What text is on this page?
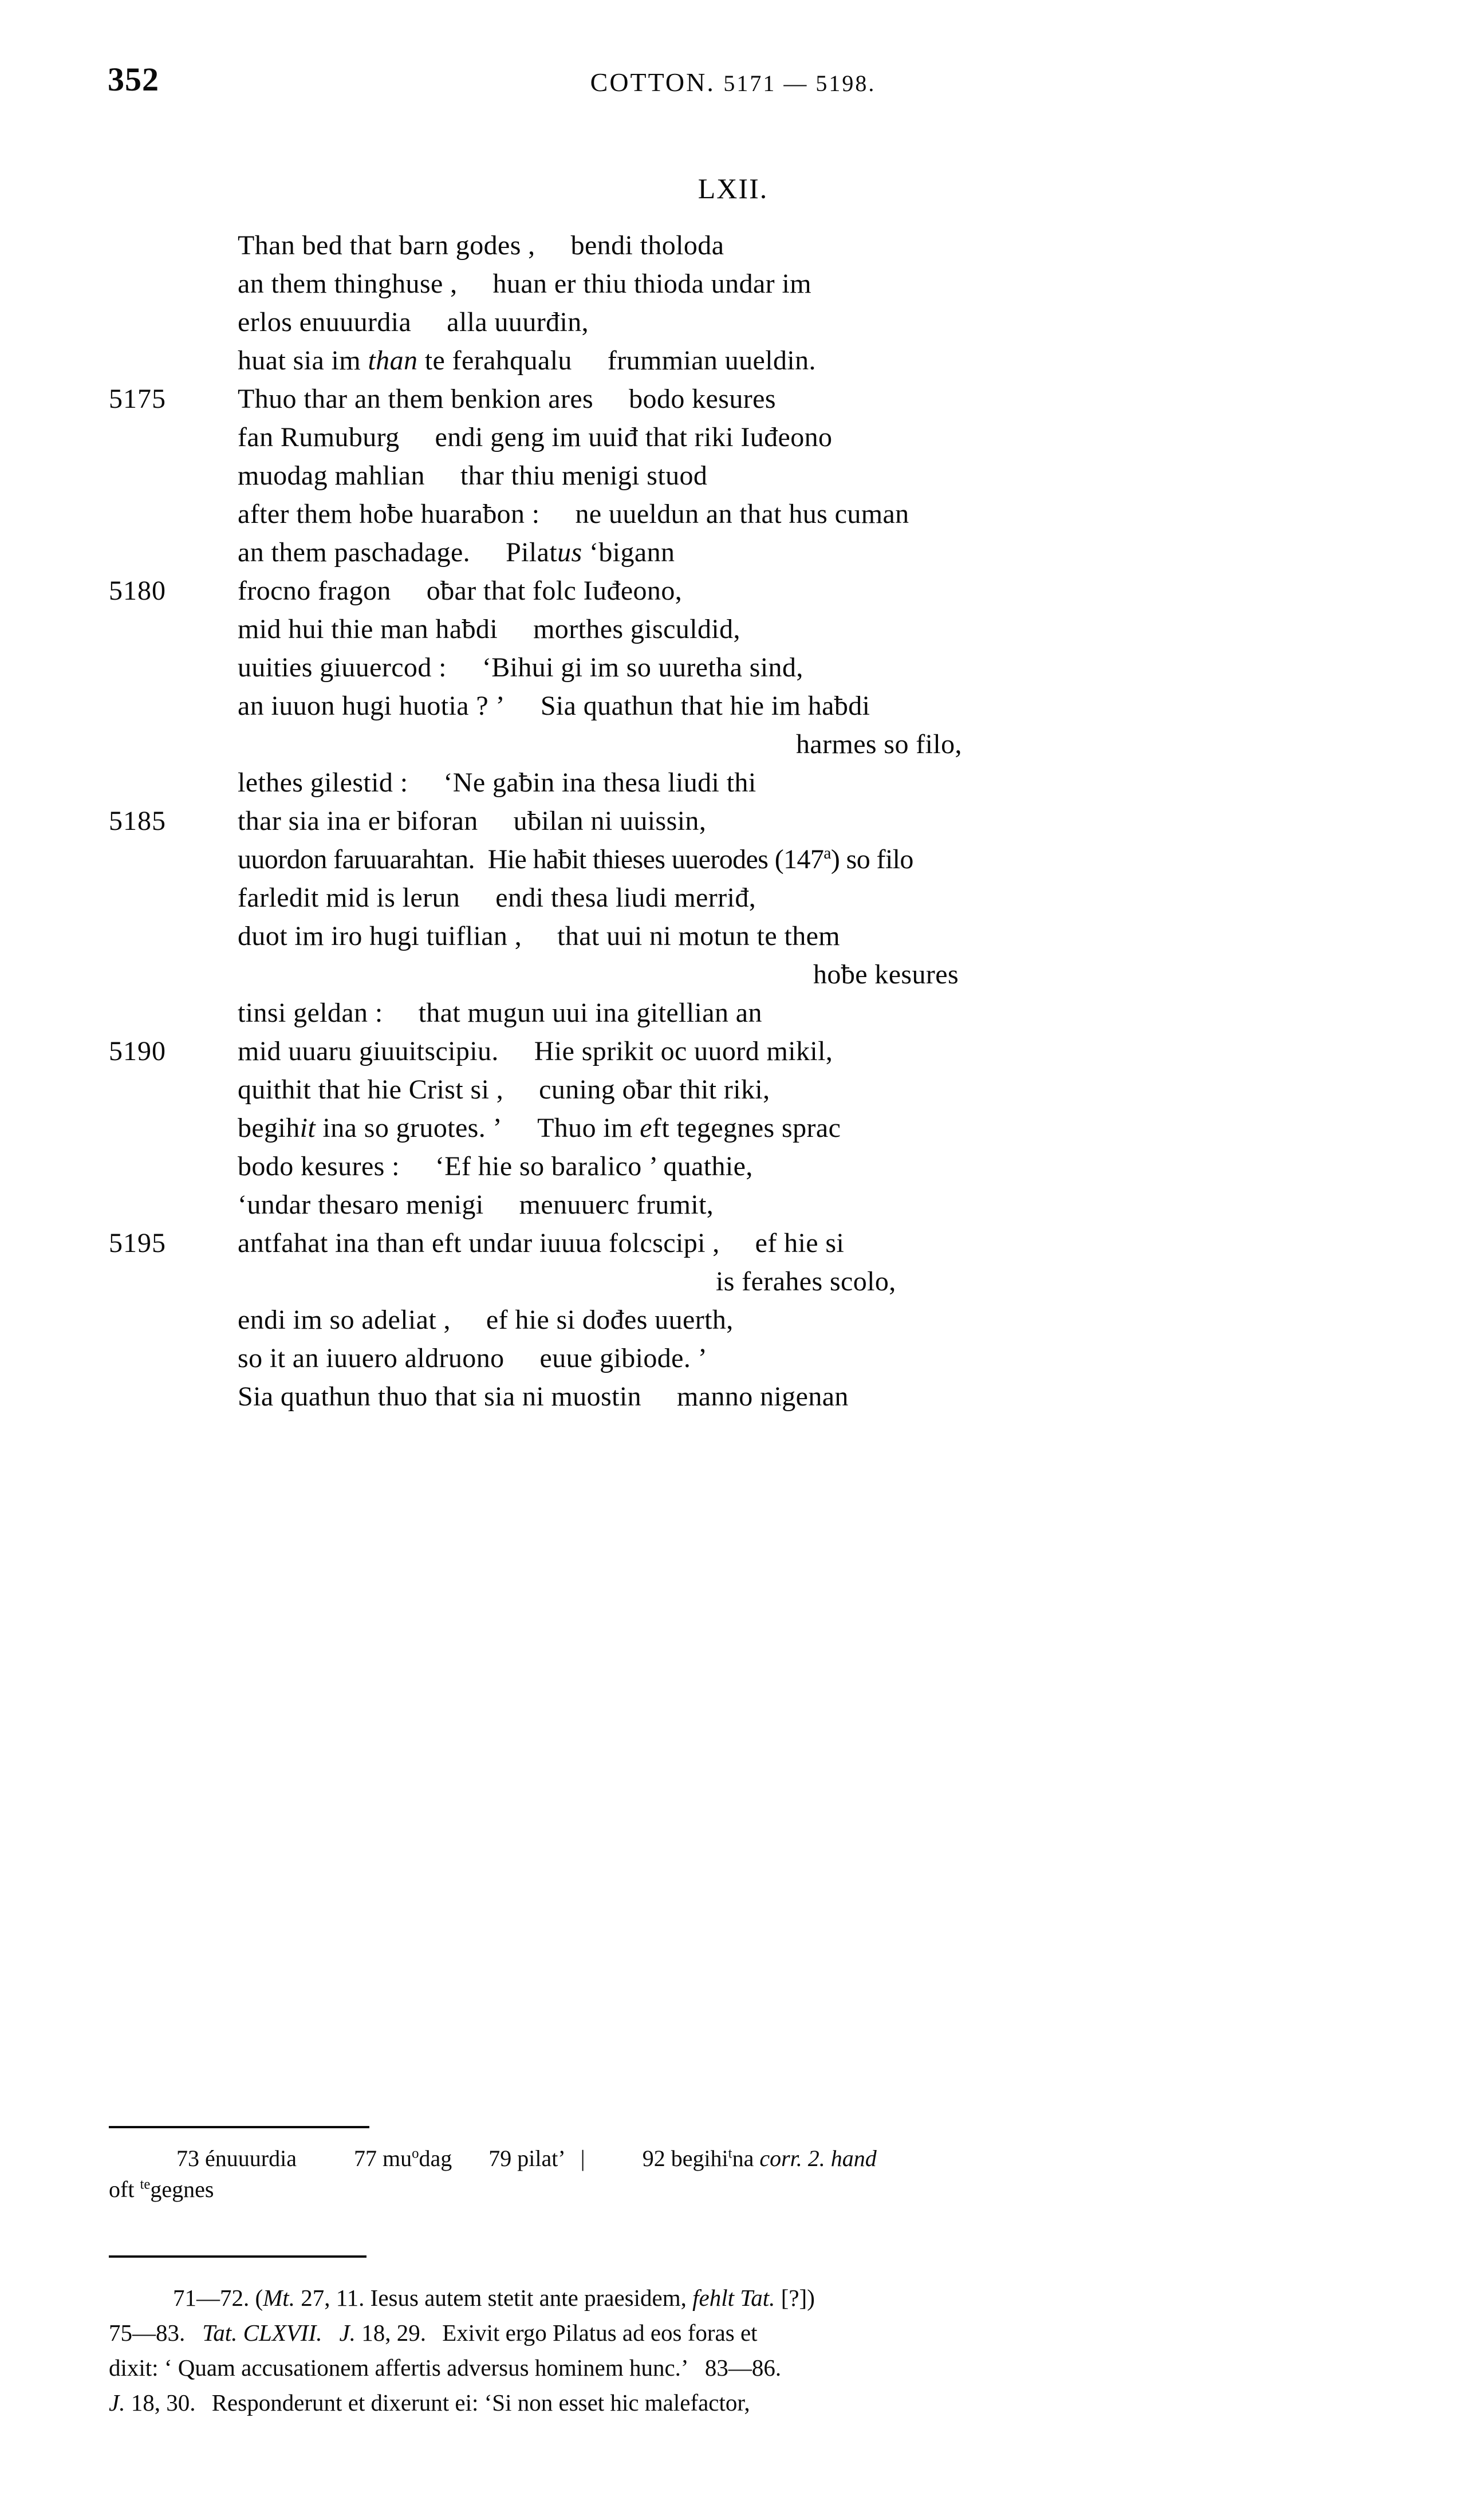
352	COTTON. 5171 — 5198.
LXII.
Than bed that barn godes ,     bendi tholoda
an them thinghuse ,     huan er thiu thioda undar im
erlos enuuurdia     alla uuurđin,
huat sia im than te ferahqualu     frummian uueldin.
5175	Thuo thar an them benkion ares     bodo kesures
fan Rumuburg     endi geng im uuiđ that riki Iuđeono
muodag mahlian     thar thiu menigi stuod
after them hoƀe huaraƀon :     ne uueldun an that hus cuman
an them paschadage.     Pilatus ‘bigann
5180	frocno fragon     oƀar that folc Iuđeono,
mid hui thie man haƀdi     morthes gisculdid,
uuities giuuercod :     ‘Bihui gi im so uuretha sind,
an iuuon hugi huotia ? ’     Sia quathun that hie im haƀdi
harmes so filo,
lethes gilestid :     ‘Ne gaƀin ina thesa liudi thi
5185	thar sia ina er biforan     uƀilan ni uuissin,
uuordon faruuarahtan.  Hie haƀit thieses uuerodes (147$^a$) so filo
farledit mid is lerun     endi thesa liudi merriđ,
duot im iro hugi tuiflian ,     that uui ni motun te them
hoƀe kesures
tinsi geldan :     that mugun uui ina gitellian an
5190	mid uuaru giuuitscipiu.     Hie sprikit oc uuord mikil,
quithit that hie Crist si ,     cuning oƀar thit riki,
begihit ina so gruotes. ’     Thuo im eft tegegnes sprac
bodo kesures :     ‘Ef hie so baralico ’ quathie,
‘undar thesaro menigi     menuuerc frumit,
5195	antfahat ina than eft undar iuuua folcscipi ,     ef hie si
is ferahes scolo,
endi im so adeliat ,     ef hie si dođes uuerth,
so it an iuuero aldruono     euue gibiode. ’
Sia quathun thuo that sia ni muostin     manno nigenan
73 énuuurdia	77 $mu^odag$ 79 pilat’ |	92 begihi$^t$na corr. 2. hand
oft $^{te}$gegnes
71—72. (Mt. 27, 11. Iesus autem stetit ante praesidem, fehlt Tat. [?])
75—83. Tat. CLXVII. J. 18, 29. Exivit ergo Pilatus ad eos foras et
dixit: ‘ Quam accusationem affertis adversus hominem hunc.’ 83—86.
J. 18, 30. Responderunt et dixerunt ei: ‘Si non esset hic malefactor,
